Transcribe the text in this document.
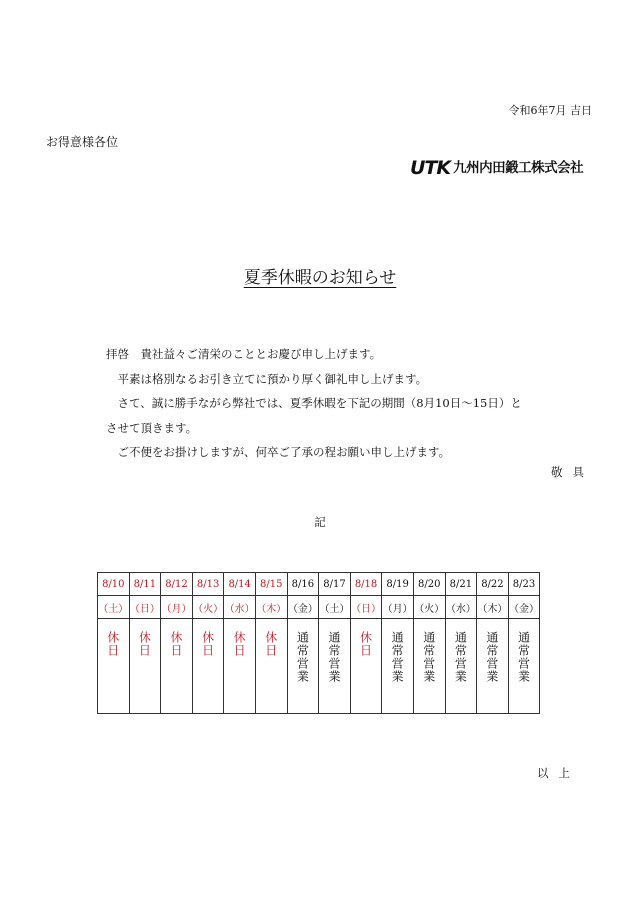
令和6年7月 吉日
お得意様各位
UTK 九州内田鍛工株式会社
夏季休暇のお知らせ

拝啓　貴社益々ご清栄のこととお慶び申し上げます。

　平素は格別なるお引き立てに預かり厚く御礼申し上げます。

　さて、誠に勝手ながら弊社では、夏季休暇を下記の期間（8月10日～15日）と

させて頂きます。

　ご不便をお掛けしますが、何卒ご了承の程お願い申し上げます。

敬具
記
8/10	8/11	8/12	8/13	8/14	8/15	8/16	8/17	8/18	8/19	8/20	8/21	8/22	8/23
（土）	（日）	（月）	（火）	（水）	（木）	（金）	（土）	（日）	（月）	（火）	（水）	（木）	（金）

休日	休日	休日	休日	休日	休日	通常営業	通常営業	休日	通常営業	通常営業	通常営業	通常営業	通常営業
以上
